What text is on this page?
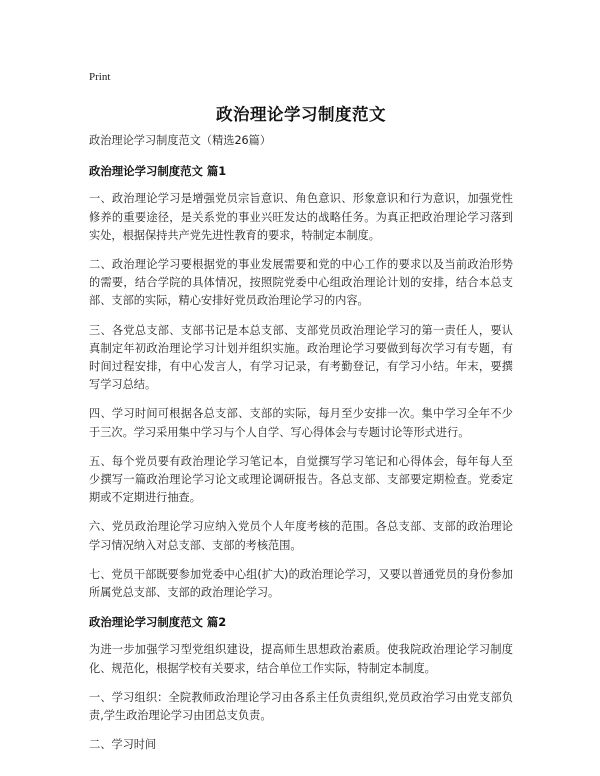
Print
政治理论学习制度范文

政治理论学习制度范文（精选26篇）

政治理论学习制度范文 篇1

一、政治理论学习是增强党员宗旨意识、角色意识、形象意识和行为意识，加强党性修养的重要途径，是关系党的事业兴旺发达的战略任务。为真正把政治理论学习落到实处，根据保持共产党先进性教育的要求，特制定本制度。

二、政治理论学习要根据党的事业发展需要和党的中心工作的要求以及当前政治形势的需要，结合学院的具体情况，按照院党委中心组政治理论计划的安排，结合本总支部、支部的实际，精心安排好党员政治理论学习的内容。

三、各党总支部、支部书记是本总支部、支部党员政治理论学习的第一责任人，要认真制定年初政治理论学习计划并组织实施。政治理论学习要做到每次学习有专题，有时间过程安排，有中心发言人，有学习记录，有考勤登记，有学习小结。年末，要撰写学习总结。

四、学习时间可根据各总支部、支部的实际，每月至少安排一次。集中学习全年不少于三次。学习采用集中学习与个人自学、写心得体会与专题讨论等形式进行。

五、每个党员要有政治理论学习笔记本，自觉撰写学习笔记和心得体会，每年每人至少撰写一篇政治理论学习论文或理论调研报告。各总支部、支部要定期检查。党委定期或不定期进行抽查。

六、党员政治理论学习应纳入党员个人年度考核的范围。各总支部、支部的政治理论学习情况纳入对总支部、支部的考核范围。

七、党员干部既要参加党委中心组(扩大)的政治理论学习，又要以普通党员的身份参加所属党总支部、支部的政治理论学习。

政治理论学习制度范文 篇2

为进一步加强学习型党组织建设，提高师生思想政治素质。使我院政治理论学习制度化、规范化，根据学校有关要求，结合单位工作实际，特制定本制度。

一、学习组织：全院教师政治理论学习由各系主任负责组织,党员政治学习由党支部负责,学生政治理论学习由团总支负责。

二、学习时间
